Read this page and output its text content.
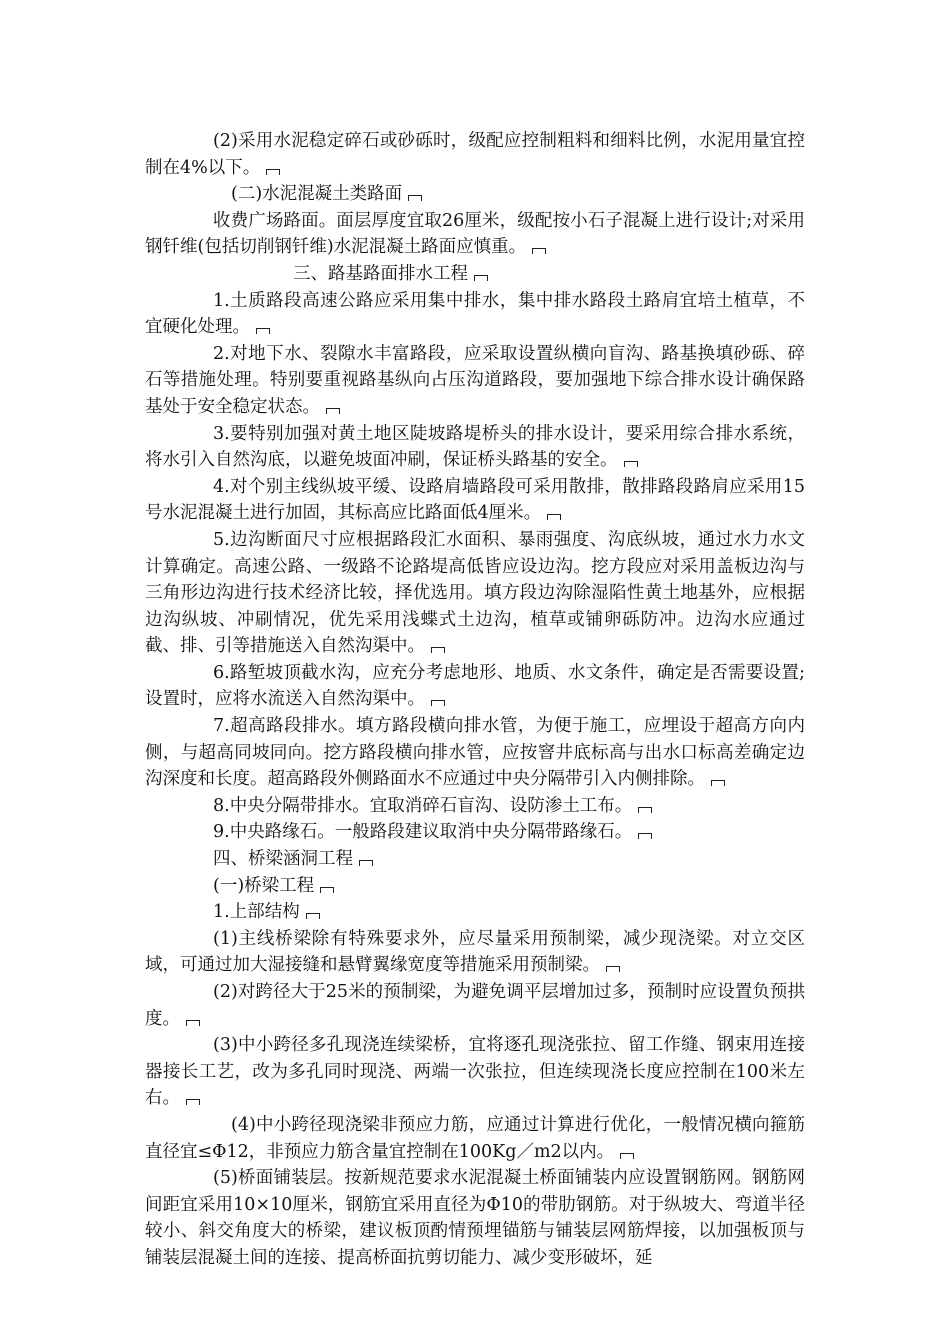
(2)采用水泥稳定碎石或砂砾时，级配应控制粗料和细料比例，水泥用量宜控制在4%以下。

(二)水泥混凝土类路面

收费广场路面。面层厚度宜取26厘米，级配按小石子混凝上进行设计;对采用钢钎维(包括切削钢钎维)水泥混凝土路面应慎重。

三、路基路面排水工程

1.土质路段高速公路应采用集中排水，集中排水路段土路肩宜培土植草，不宜硬化处理。

2.对地下水、裂隙水丰富路段，应采取设置纵横向盲沟、路基换填砂砾、碎石等措施处理。特别要重视路基纵向占压沟道路段，要加强地下综合排水设计确保路基处于安全稳定状态。

3.要特别加强对黄土地区陡坡路堤桥头的排水设计，要采用综合排水系统，将水引入自然沟底，以避免坡面冲刷，保证桥头路基的安全。

4.对个别主线纵坡平缓、设路肩墙路段可采用散排，散排路段路肩应采用15号水泥混凝土进行加固，其标高应比路面低4厘米。

5.边沟断面尺寸应根据路段汇水面积、暴雨强度、沟底纵坡，通过水力水文计算确定。高速公路、一级路不论路堤高低皆应设边沟。挖方段应对采用盖板边沟与三角形边沟进行技术经济比较，择优选用。填方段边沟除湿陷性黄土地基外，应根据边沟纵坡、冲刷情况，优先采用浅蝶式土边沟，植草或铺卵砾防冲。边沟水应通过截、排、引等措施送入自然沟渠中。

6.路堑坡顶截水沟，应充分考虑地形、地质、水文条件，确定是否需要设置;设置时，应将水流送入自然沟渠中。

7.超高路段排水。填方路段横向排水管，为便于施工，应埋设于超高方向内侧，与超高同坡同向。挖方路段横向排水管，应按窨井底标高与出水口标高差确定边沟深度和长度。超高路段外侧路面水不应通过中央分隔带引入内侧排除。

8.中央分隔带排水。宜取消碎石盲沟、设防渗土工布。

9.中央路缘石。一般路段建议取消中央分隔带路缘石。

四、桥梁涵洞工程

(一)桥梁工程

1.上部结构

(1)主线桥梁除有特殊要求外，应尽量采用预制梁，减少现浇梁。对立交区域，可通过加大湿接缝和悬臂翼缘宽度等措施采用预制梁。

(2)对跨径大于25米的预制梁，为避免调平层增加过多，预制时应设置负预拱度。

(3)中小跨径多孔现浇连续梁桥，宜将逐孔现浇张拉、留工作缝、钢束用连接器接长工艺，改为多孔同时现浇、两端一次张拉，但连续现浇长度应控制在100米左右。

(4)中小跨径现浇梁非预应力筋，应通过计算进行优化，一般情况横向箍筋直径宜≤Φ12，非预应力筋含量宜控制在100Kg／m2以内。

(5)桥面铺装层。按新规范要求水泥混凝土桥面铺装内应设置钢筋网。钢筋网间距宜采用10×10厘米，钢筋宜采用直径为Φ10的带肋钢筋。对于纵坡大、弯道半径较小、斜交角度大的桥梁，建议板顶酌情预埋锚筋与铺装层网筋焊接，以加强板顶与铺装层混凝土间的连接、提高桥面抗剪切能力、减少变形破坏，延
